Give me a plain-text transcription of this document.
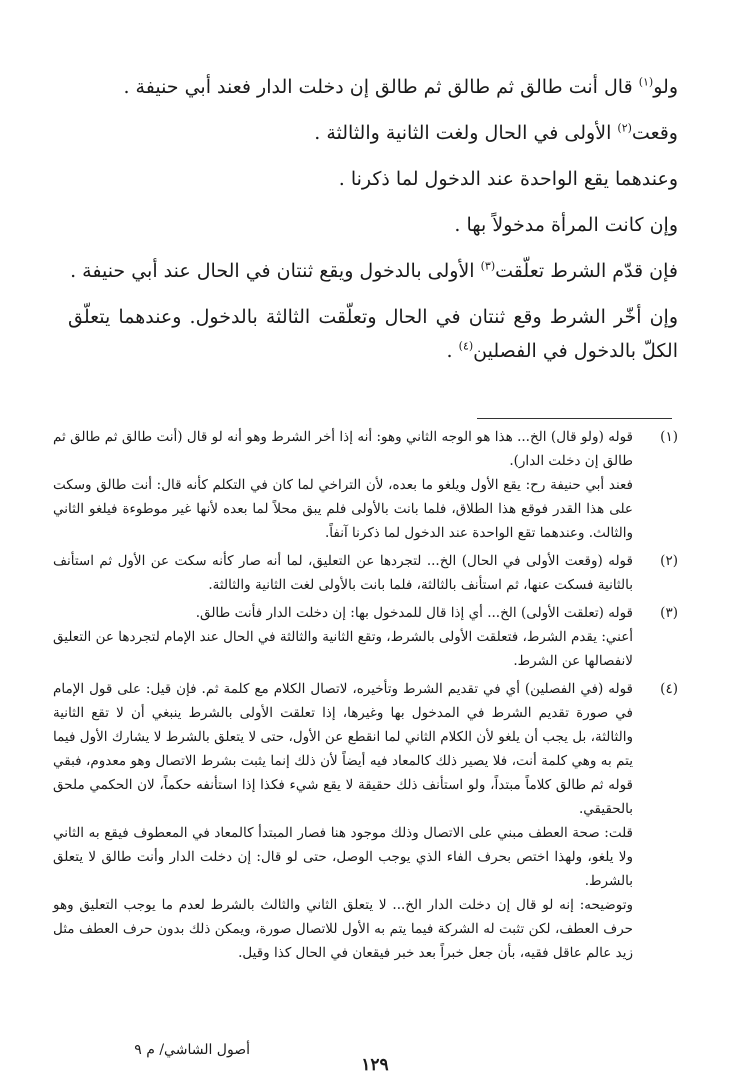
ولو$^{(١)}$ قال أنت طالق ثم طالق ثم طالق إن دخلت الدار فعند أبي حنيفة .

وقعت$^{(٢)}$ الأولى في الحال ولغت الثانية والثالثة .

وعندهما يقع الواحدة عند الدخول لما ذكرنا .

وإن كانت المرأة مدخولاً بها .

فإن قدّم الشرط تعلّقت$^{(٣)}$ الأولى بالدخول ويقع ثنتان في الحال عند أبي حنيفة .

وإن أخّر الشرط وقع ثنتان في الحال وتعلّقت الثالثة بالدخول. وعندهما يتعلّق الكلّ بالدخول في الفصلين$^{(٤)}$ .

(١)

قوله (ولو قال) الخ... هذا هو الوجه الثاني وهو: أنه إذا أخر الشرط وهو أنه لو قال (أنت طالق ثم طالق ثم طالق إن دخلت الدار).

فعند أبي حنيفة رح: يقع الأول ويلغو ما بعده، لأن التراخي لما كان في التكلم كأنه قال: أنت طالق وسكت على هذا القدر فوقع هذا الطلاق، فلما بانت بالأولى فلم يبق محلاً لما بعده لأنها غير موطوءة فيلغو الثاني والثالث. وعندهما تقع الواحدة عند الدخول لما ذكرنا آنفاً.

(٢)

قوله (وقعت الأولى في الحال) الخ... لتجردها عن التعليق، لما أنه صار كأنه سكت عن الأول ثم استأنف بالثانية فسكت عنها، ثم استأنف بالثالثة، فلما بانت بالأولى لغت الثانية والثالثة.

(٣)

قوله (تعلقت الأولى) الخ... أي إذا قال للمدخول بها: إن دخلت الدار فأنت طالق.

أعني: يقدم الشرط، فتعلقت الأولى بالشرط، وتقع الثانية والثالثة في الحال عند الإمام لتجردها عن التعليق لانفصالها عن الشرط.

(٤)

قوله (في الفصلين) أي في تقديم الشرط وتأخيره، لاتصال الكلام مع كلمة ثم. فإن قيل: على قول الإمام في صورة تقديم الشرط في المدخول بها وغيرها، إذا تعلقت الأولى بالشرط ينبغي أن لا تقع الثانية والثالثة، بل يجب أن يلغو لأن الكلام الثاني لما انقطع عن الأول، حتى لا يتعلق بالشرط لا يشارك الأول فيما يتم به وهي كلمة أنت، فلا يصير ذلك كالمعاد فيه أيضاً لأن ذلك إنما يثبت بشرط الاتصال وهو معدوم، فبقي قوله ثم طالق كلاماً مبتداً، ولو استأنف ذلك حقيقة لا يقع شيء فكذا إذا استأنفه حكماً، لان الحكمي ملحق بالحقيقي.

قلت: صحة العطف مبني على الاتصال وذلك موجود هنا فصار المبتدأ كالمعاد في المعطوف فيقع به الثاني ولا يلغو، ولهذا اختص بحرف الفاء الذي يوجب الوصل، حتى لو قال: إن دخلت الدار وأنت طالق لا يتعلق بالشرط.

وتوضيحه: إنه لو قال إن دخلت الدار الخ... لا يتعلق الثاني والثالث بالشرط لعدم ما يوجب التعليق وهو حرف العطف، لكن تثبت له الشركة فيما يتم به الأول للاتصال صورة، ويمكن ذلك بدون حرف العطف مثل زيد عالم عاقل فقيه، بأن جعل خبراً بعد خبر فيقعان في الحال كذا وقيل.

أصول الشاشي/ م ٩
١٢٩
